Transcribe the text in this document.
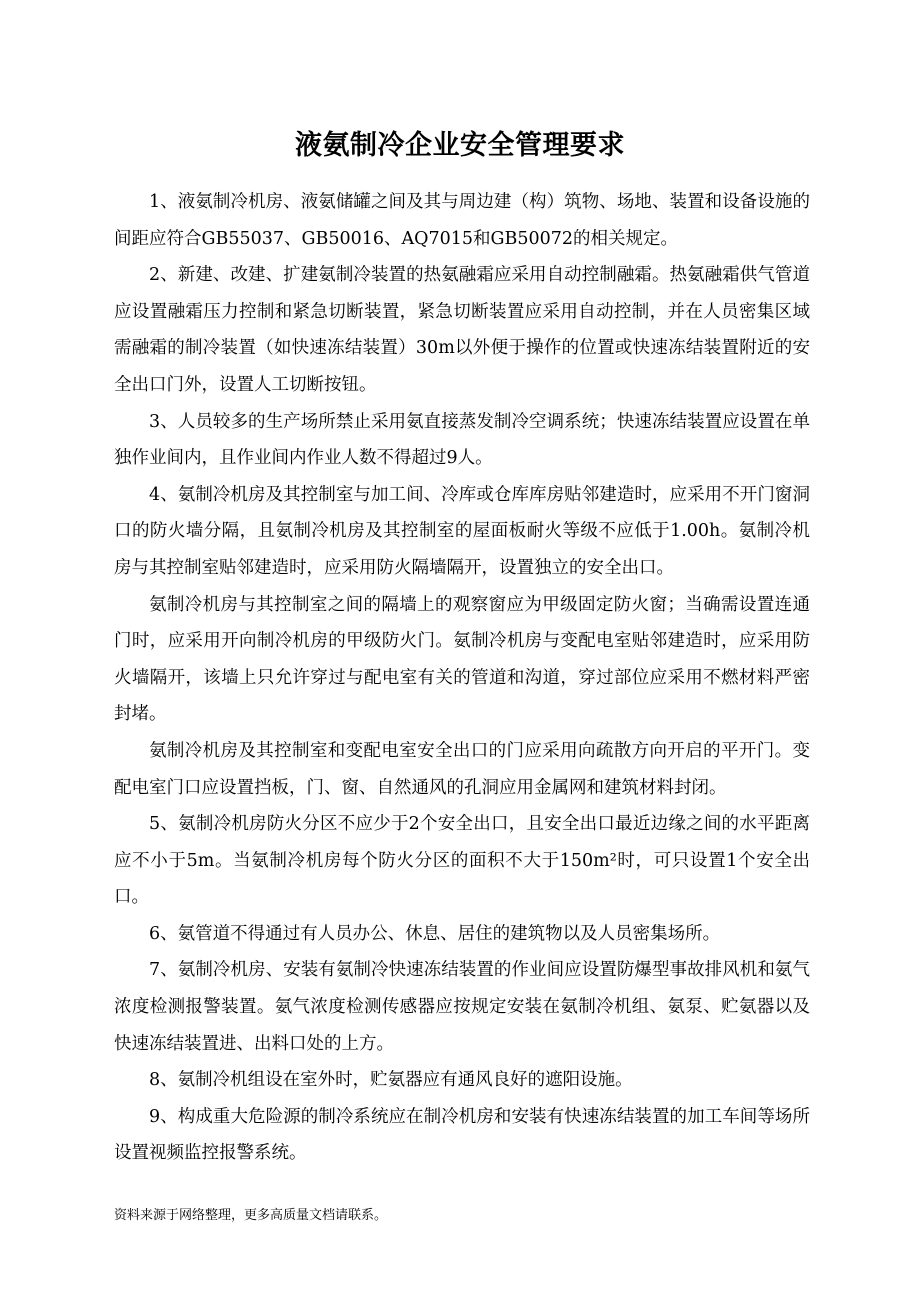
液氨制冷企业安全管理要求

1、液氨制冷机房、液氨储罐之间及其与周边建（构）筑物、场地、装置和设备设施的间距应符合GB55037、GB50016、AQ7015和GB50072的相关规定。

2、新建、改建、扩建氨制冷装置的热氨融霜应采用自动控制融霜。热氨融霜供气管道应设置融霜压力控制和紧急切断装置，紧急切断装置应采用自动控制，并在人员密集区域需融霜的制冷装置（如快速冻结装置）30m以外便于操作的位置或快速冻结装置附近的安全出口门外，设置人工切断按钮。

3、人员较多的生产场所禁止采用氨直接蒸发制冷空调系统；快速冻结装置应设置在单独作业间内，且作业间内作业人数不得超过9人。

4、氨制冷机房及其控制室与加工间、冷库或仓库库房贴邻建造时，应采用不开门窗洞口的防火墙分隔，且氨制冷机房及其控制室的屋面板耐火等级不应低于1.00h。氨制冷机房与其控制室贴邻建造时，应采用防火隔墙隔开，设置独立的安全出口。

氨制冷机房与其控制室之间的隔墙上的观察窗应为甲级固定防火窗；当确需设置连通门时，应采用开向制冷机房的甲级防火门。氨制冷机房与变配电室贴邻建造时，应采用防火墙隔开，该墙上只允许穿过与配电室有关的管道和沟道，穿过部位应采用不燃材料严密封堵。

氨制冷机房及其控制室和变配电室安全出口的门应采用向疏散方向开启的平开门。变配电室门口应设置挡板，门、窗、自然通风的孔洞应用金属网和建筑材料封闭。

5、氨制冷机房防火分区不应少于2个安全出口，且安全出口最近边缘之间的水平距离应不小于5m。当氨制冷机房每个防火分区的面积不大于150m²时，可只设置1个安全出口。

6、氨管道不得通过有人员办公、休息、居住的建筑物以及人员密集场所。

7、氨制冷机房、安装有氨制冷快速冻结装置的作业间应设置防爆型事故排风机和氨气浓度检测报警装置。氨气浓度检测传感器应按规定安装在氨制冷机组、氨泵、贮氨器以及快速冻结装置进、出料口处的上方。

8、氨制冷机组设在室外时，贮氨器应有通风良好的遮阳设施。

9、构成重大危险源的制冷系统应在制冷机房和安装有快速冻结装置的加工车间等场所设置视频监控报警系统。

资料来源于网络整理，更多高质量文档请联系。
